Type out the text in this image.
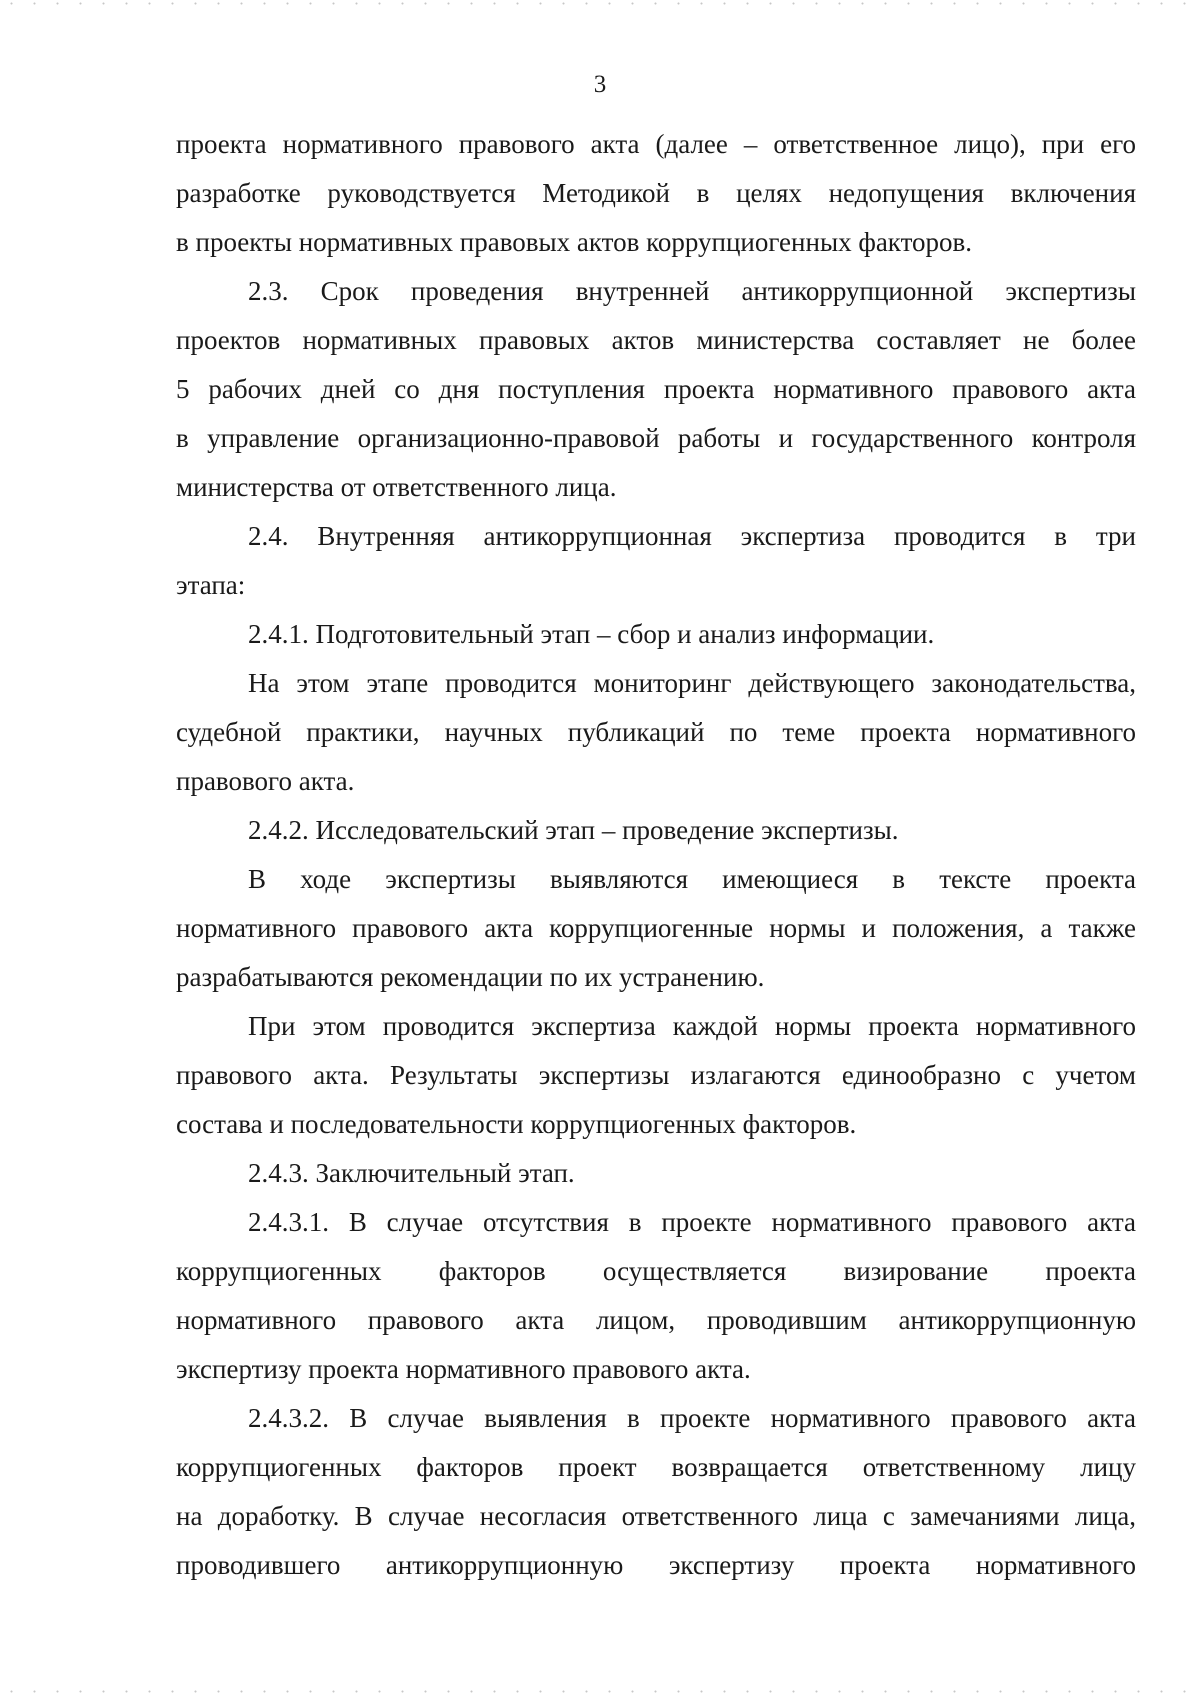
3
проекта нормативного правового акта (далее – ответственное лицо), при его
разработке руководствуется Методикой в целях недопущения включения
в проекты нормативных правовых актов коррупциогенных факторов.
2.3. Срок проведения внутренней антикоррупционной экспертизы
проектов нормативных правовых актов министерства составляет не более
5 рабочих дней со дня поступления проекта нормативного правового акта
в управление организационно-правовой работы и государственного контроля
министерства от ответственного лица.
2.4. Внутренняя антикоррупционная экспертиза проводится в три
этапа:
2.4.1. Подготовительный этап – сбор и анализ информации.
На этом этапе проводится мониторинг действующего законодательства,
судебной практики, научных публикаций по теме проекта нормативного
правового акта.
2.4.2. Исследовательский этап – проведение экспертизы.
В ходе экспертизы выявляются имеющиеся в тексте проекта
нормативного правового акта коррупциогенные нормы и положения, а также
разрабатываются рекомендации по их устранению.
При этом проводится экспертиза каждой нормы проекта нормативного
правового акта. Результаты экспертизы излагаются единообразно с учетом
состава и последовательности коррупциогенных факторов.
2.4.3. Заключительный этап.
2.4.3.1. В случае отсутствия в проекте нормативного правового акта
коррупциогенных факторов осуществляется визирование проекта
нормативного правового акта лицом, проводившим антикоррупционную
экспертизу проекта нормативного правового акта.
2.4.3.2. В случае выявления в проекте нормативного правового акта
коррупциогенных факторов проект возвращается ответственному лицу
на доработку. В случае несогласия ответственного лица с замечаниями лица,
проводившего антикоррупционную экспертизу проекта нормативного
